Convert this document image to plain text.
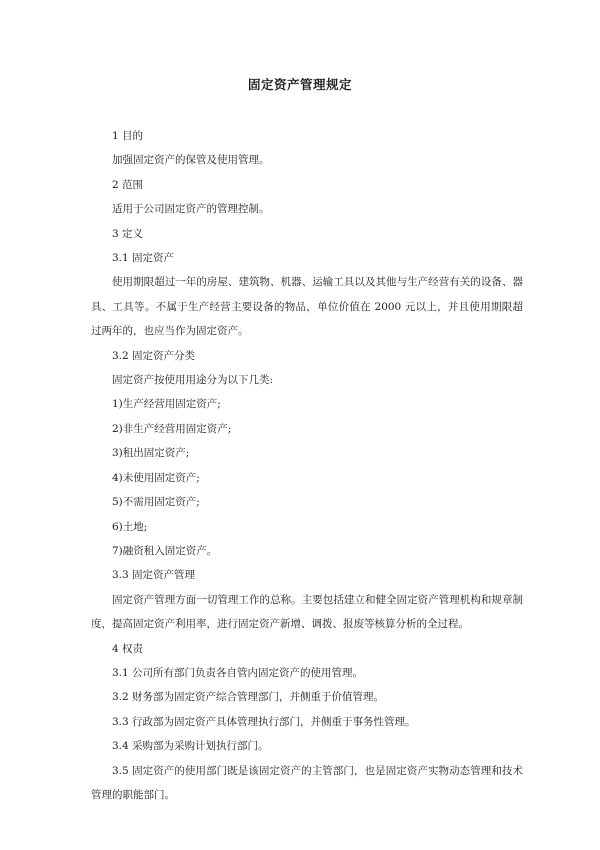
固定资产管理规定

1 目的

加强固定资产的保管及使用管理。

2 范围

适用于公司固定资产的管理控制。

3 定义

3.1 固定资产

使用期限超过一年的房屋、建筑物、机器、运输工具以及其他与生产经营有关的设备、器具、工具等。不属于生产经营主要设备的物品，单位价值在 2000 元以上，并且使用期限超过两年的，也应当作为固定资产。

3.2 固定资产分类

固定资产按使用用途分为以下几类:

1)生产经营用固定资产;

2)非生产经营用固定资产;

3)租出固定资产;

4)未使用固定资产;

5)不需用固定资产;

6)土地;

7)融资租入固定资产。

3.3 固定资产管理

固定资产管理方面一切管理工作的总称。主要包括建立和健全固定资产管理机构和规章制度，提高固定资产利用率，进行固定资产新增、调拨、报废等核算分析的全过程。

4 权责

3.1 公司所有部门负责各自管内固定资产的使用管理。

3.2 财务部为固定资产综合管理部门，并侧重于价值管理。

3.3 行政部为固定资产具体管理执行部门，并侧重于事务性管理。

3.4 采购部为采购计划执行部门。

3.5 固定资产的使用部门既是该固定资产的主管部门，也是固定资产实物动态管理和技术管理的职能部门。
